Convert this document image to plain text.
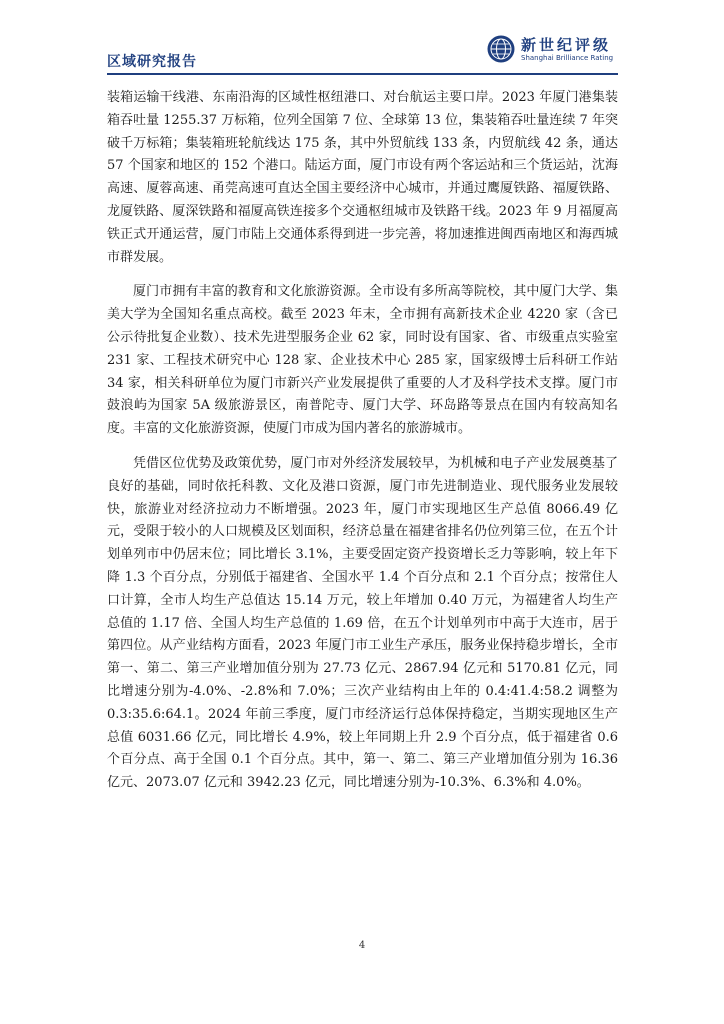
区域研究报告
新世纪评级
Shanghai Brilliance Rating

装箱运输干线港、东南沿海的区域性枢纽港口、对台航运主要口岸。2023 年厦门港集装箱吞吐量 1255.37 万标箱，位列全国第 7 位、全球第 13 位，集装箱吞吐量连续 7 年突破千万标箱；集装箱班轮航线达 175 条，其中外贸航线 133 条，内贸航线 42 条，通达 57 个国家和地区的 152 个港口。陆运方面，厦门市设有两个客运站和三个货运站，沈海高速、厦蓉高速、甬莞高速可直达全国主要经济中心城市，并通过鹰厦铁路、福厦铁路、龙厦铁路、厦深铁路和福厦高铁连接多个交通枢纽城市及铁路干线。2023 年 9 月福厦高铁正式开通运营，厦门市陆上交通体系得到进一步完善，将加速推进闽西南地区和海西城市群发展。

厦门市拥有丰富的教育和文化旅游资源。全市设有多所高等院校，其中厦门大学、集美大学为全国知名重点高校。截至 2023 年末，全市拥有高新技术企业 4220 家（含已公示待批复企业数）、技术先进型服务企业 62 家，同时设有国家、省、市级重点实验室 231 家、工程技术研究中心 128 家、企业技术中心 285 家，国家级博士后科研工作站 34 家，相关科研单位为厦门市新兴产业发展提供了重要的人才及科学技术支撑。厦门市鼓浪屿为国家 5A 级旅游景区，南普陀寺、厦门大学、环岛路等景点在国内有较高知名度。丰富的文化旅游资源，使厦门市成为国内著名的旅游城市。

凭借区位优势及政策优势，厦门市对外经济发展较早，为机械和电子产业发展奠基了良好的基础，同时依托科教、文化及港口资源，厦门市先进制造业、现代服务业发展较快，旅游业对经济拉动力不断增强。2023 年，厦门市实现地区生产总值 8066.49 亿元，受限于较小的人口规模及区划面积，经济总量在福建省排名仍位列第三位，在五个计划单列市中仍居末位；同比增长 3.1%，主要受固定资产投资增长乏力等影响，较上年下降 1.3 个百分点，分别低于福建省、全国水平 1.4 个百分点和 2.1 个百分点；按常住人口计算，全市人均生产总值达 15.14 万元，较上年增加 0.40 万元，为福建省人均生产总值的 1.17 倍、全国人均生产总值的 1.69 倍，在五个计划单列市中高于大连市，居于第四位。从产业结构方面看，2023 年厦门市工业生产承压，服务业保持稳步增长，全市第一、第二、第三产业增加值分别为 27.73 亿元、2867.94 亿元和 5170.81 亿元，同比增速分别为-4.0%、-2.8%和 7.0%；三次产业结构由上年的 0.4:41.4:58.2 调整为 0.3:35.6:64.1。2024 年前三季度，厦门市经济运行总体保持稳定，当期实现地区生产总值 6031.66 亿元，同比增长 4.9%，较上年同期上升 2.9 个百分点，低于福建省 0.6 个百分点、高于全国 0.1 个百分点。其中，第一、第二、第三产业增加值分别为 16.36 亿元、2073.07 亿元和 3942.23 亿元，同比增速分别为-10.3%、6.3%和 4.0%。

4
